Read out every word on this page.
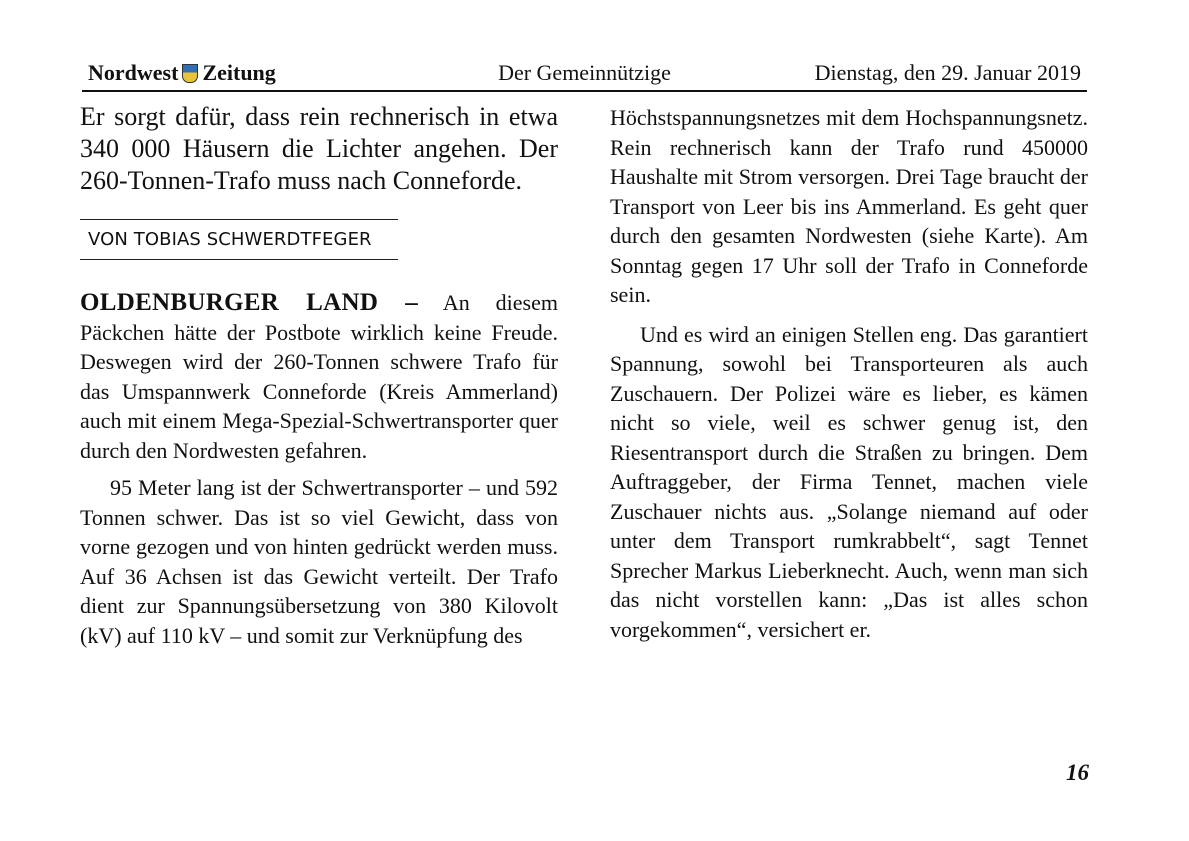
Nordwest Zeitung	Der Gemeinnützige	Dienstag, den 29. Januar 2019

Er sorgt dafür, dass rein rechnerisch in etwa 340 000 Häusern die Lichter angehen. Der 260-Tonnen-Trafo muss nach Conneforde.

VON TOBIAS SCHWERDTFEGER

OLDENBURGER LAND – An diesem Päckchen hätte der Postbote wirklich keine Freude. Deswegen wird der 260-Tonnen schwere Trafo für das Umspannwerk Conneforde (Kreis Ammerland) auch mit einem Mega-Spezial-Schwertransporter quer durch den Nordwesten gefahren.

95 Meter lang ist der Schwertransporter – und 592 Tonnen schwer. Das ist so viel Gewicht, dass von vorne gezogen und von hinten gedrückt werden muss. Auf 36 Achsen ist das Gewicht verteilt. Der Trafo dient zur Spannungsübersetzung von 380 Kilovolt (kV) auf 110 kV – und somit zur Verknüpfung des

Höchstspannungsnetzes mit dem Hochspannungsnetz. Rein rechnerisch kann der Trafo rund 450000 Haushalte mit Strom versorgen. Drei Tage braucht der Transport von Leer bis ins Ammerland. Es geht quer durch den gesamten Nordwesten (siehe Karte). Am Sonntag gegen 17 Uhr soll der Trafo in Conneforde sein.

Und es wird an einigen Stellen eng. Das garantiert Spannung, sowohl bei Transporteuren als auch Zuschauern. Der Polizei wäre es lieber, es kämen nicht so viele, weil es schwer genug ist, den Riesentransport durch die Straßen zu bringen. Dem Auftraggeber, der Firma Tennet, machen viele Zuschauer nichts aus. „Solange niemand auf oder unter dem Transport rumkrabbelt“, sagt Tennet Sprecher Markus Lieberknecht. Auch, wenn man sich das nicht vorstellen kann: „Das ist alles schon vorgekommen“, versichert er.

16
